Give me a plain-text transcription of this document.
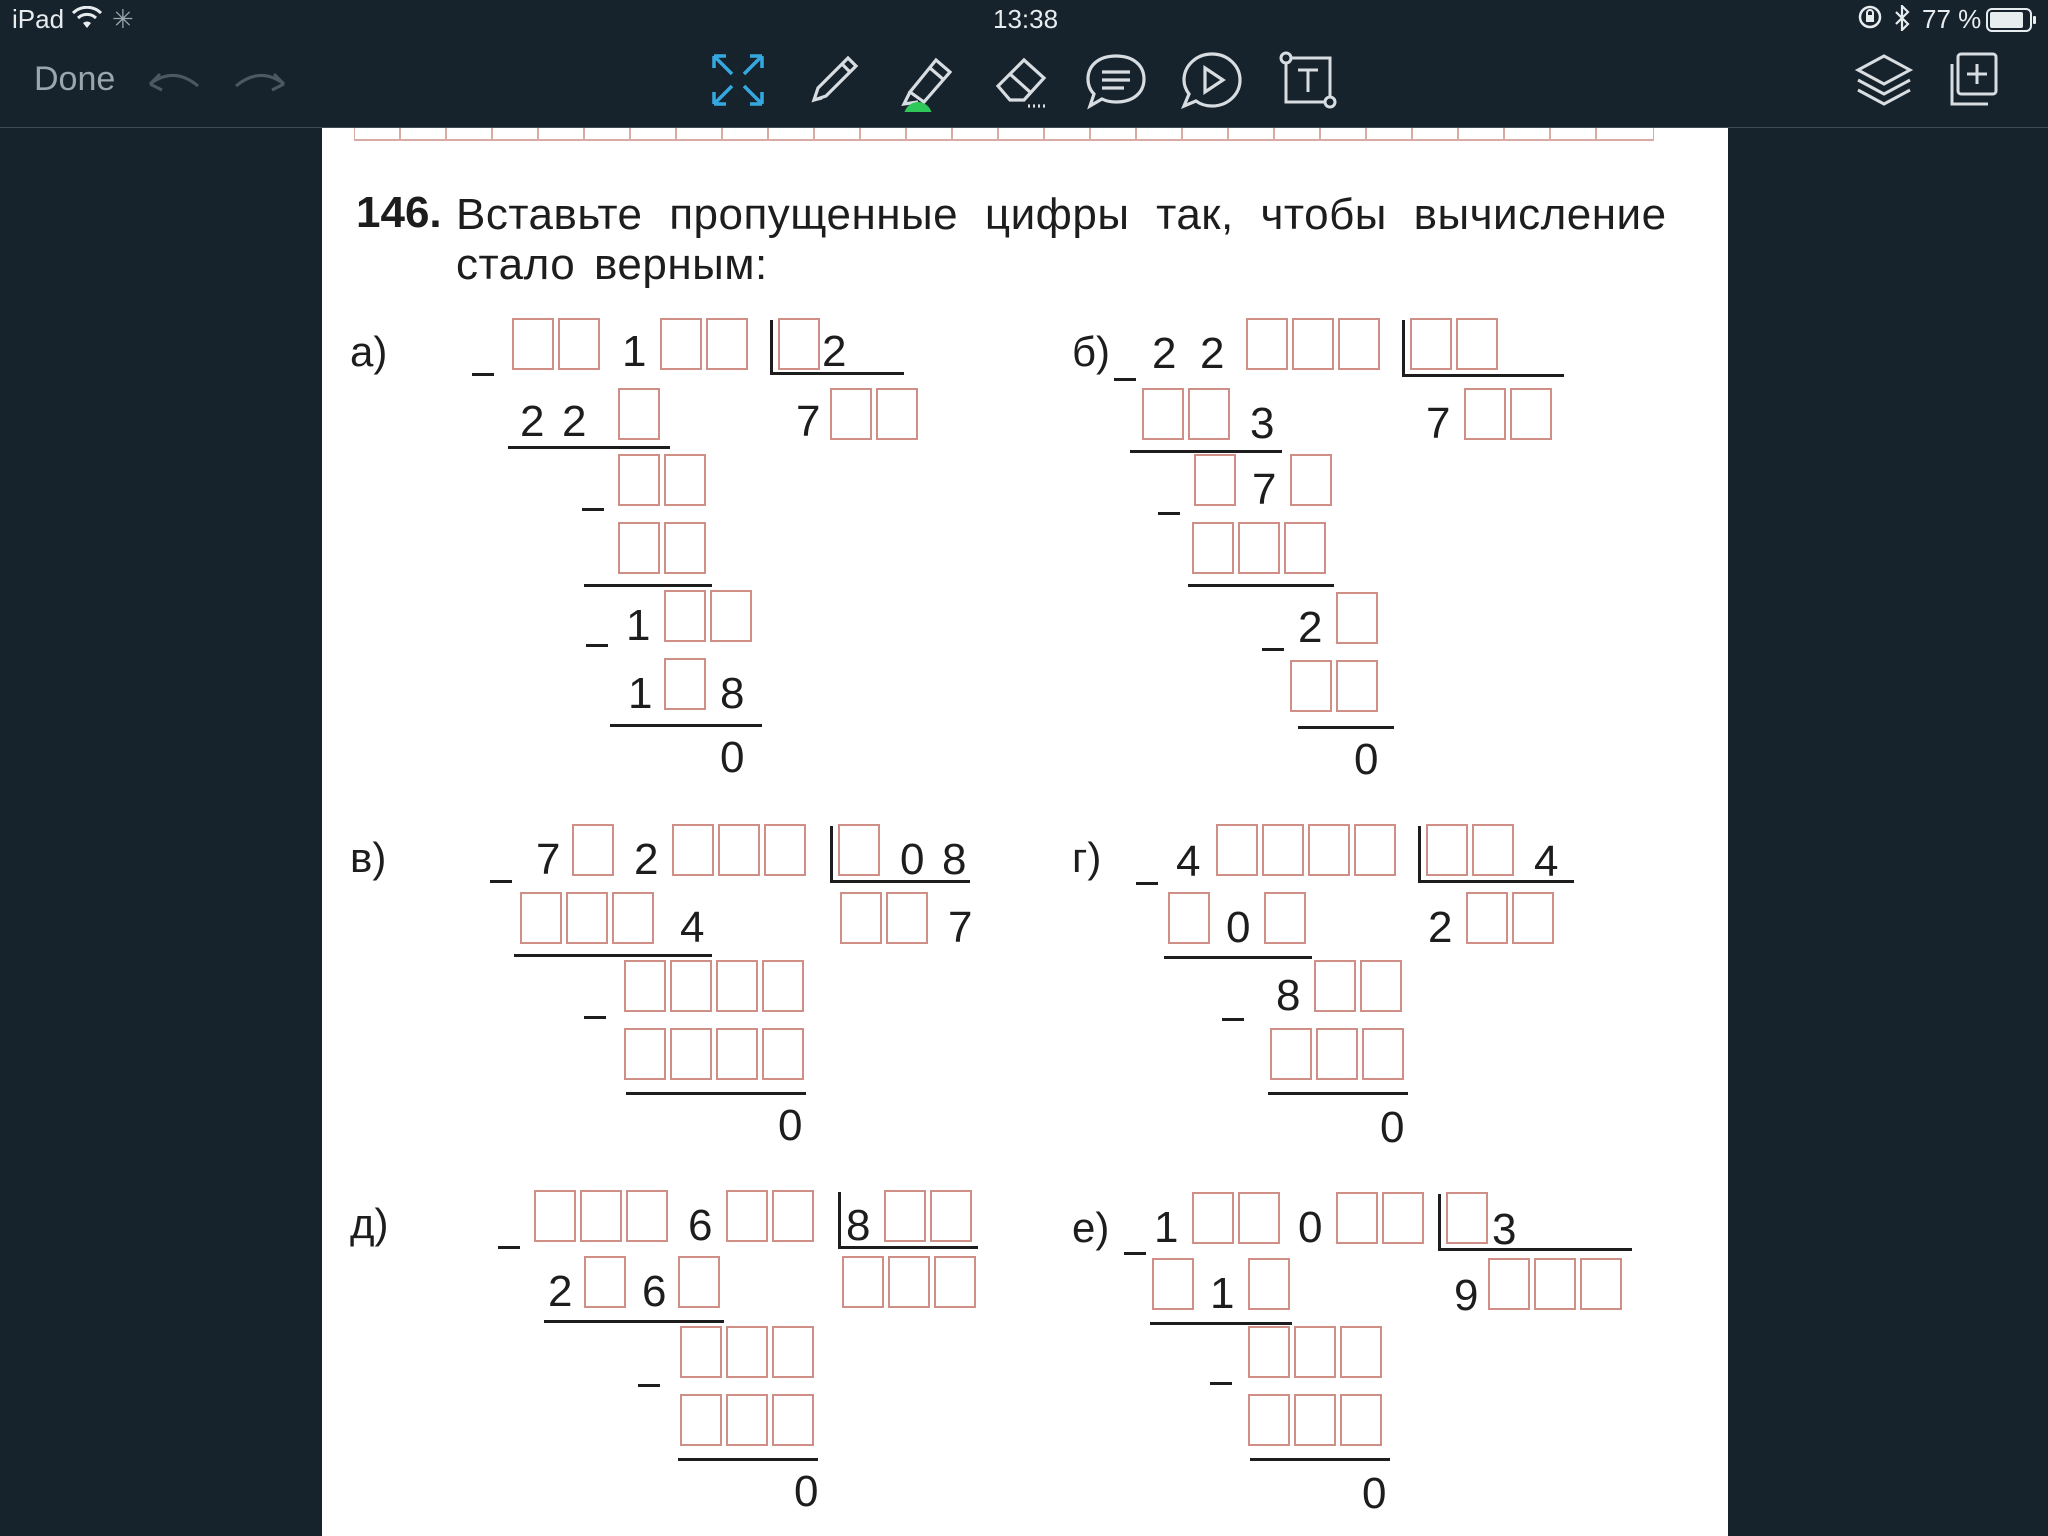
iPad ✳	13:38	77 %
Done
146. Вставьте пропущенные цифры так, чтобы вычисление
стало верным:
а)	1	2
2 2	7
1
1 8
0
б) 2 2
3	7
7
2
0
в)	7 2	0 8
4	7
0
г) 4	4
0	2
8
0
д)	6	8
2 6
0
е) 1	0	3
1	9
0
